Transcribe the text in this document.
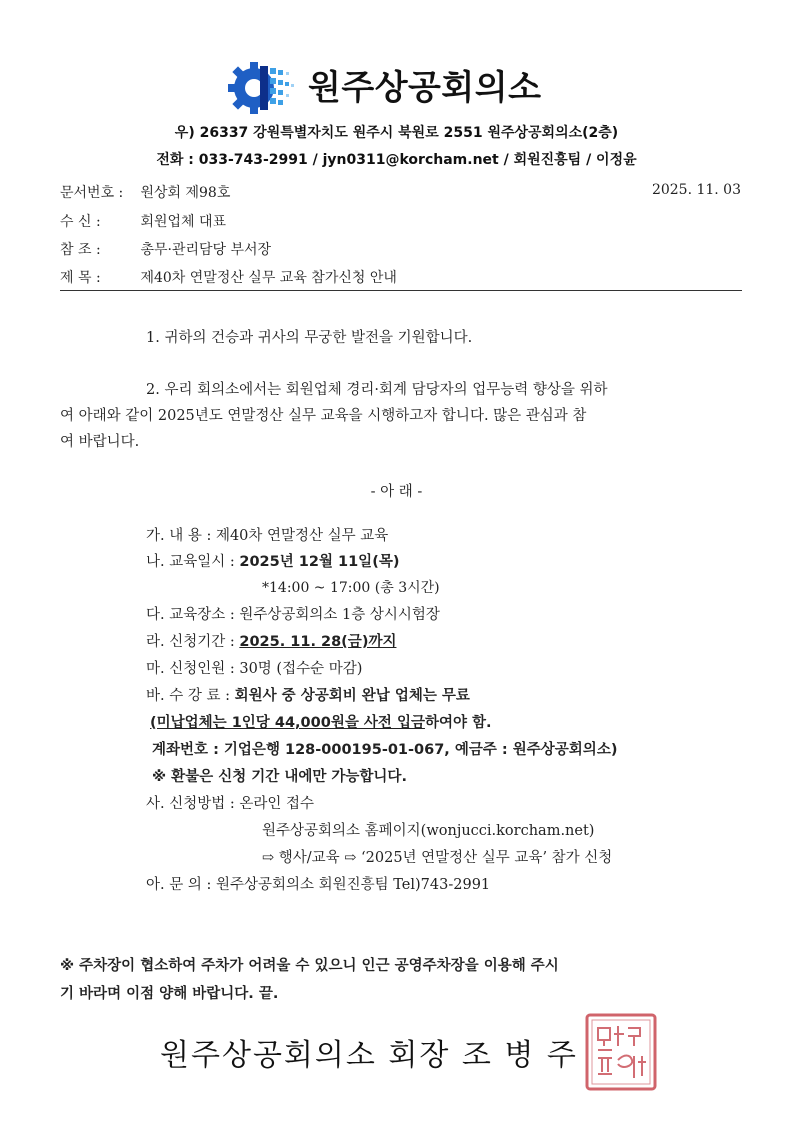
원주상공회의소
우) 26337 강원특별자치도 원주시 북원로 2551 원주상공회의소(2층)
전화 : 033-743-2991 / jyn0311@korcham.net / 회원진흥팀 / 이정윤
문서번호 : 원상회 제98호	2025. 11. 03
수 신 :	회원업체 대표
참 조 :	총무·관리담당 부서장
제 목 :	제40차 연말정산 실무 교육 참가신청 안내
1. 귀하의 건승과 귀사의 무궁한 발전을 기원합니다.
2. 우리 회의소에서는 회원업체 경리·회계 담당자의 업무능력 향상을 위하
여 아래와 같이 2025년도 연말정산 실무 교육을 시행하고자 합니다. 많은 관심과 참
여 바랍니다.
- 아 래 -
가. 내 용 : 제40차 연말정산 실무 교육
나. 교육일시 : 2025년 12월 11일(목)
*14:00 ~ 17:00 (총 3시간)
다. 교육장소 : 원주상공회의소 1층 상시시험장
라. 신청기간 : 2025. 11. 28(금)까지
마. 신청인원 : 30명 (접수순 마감)
바. 수 강 료 : 회원사 중 상공회비 완납 업체는 무료
(미납업체는 1인당 44,000원을 사전 입금하여야 함.
계좌번호 : 기업은행 128-000195-01-067, 예금주 : 원주상공회의소)
※ 환불은 신청 기간 내에만 가능합니다.
사. 신청방법 : 온라인 접수
원주상공회의소 홈페이지(wonjucci.korcham.net)
⇨ 행사/교육 ⇨ ‘2025년 연말정산 실무 교육’ 참가 신청
아. 문 의 : 원주상공회의소 회원진흥팀 Tel)743-2991
※ 주차장이 협소하여 주차가 어려울 수 있으니 인근 공영주차장을 이용해 주시
기 바라며 이점 양해 바랍니다. 끝.
원주상공회의소 회장 조 병 주
